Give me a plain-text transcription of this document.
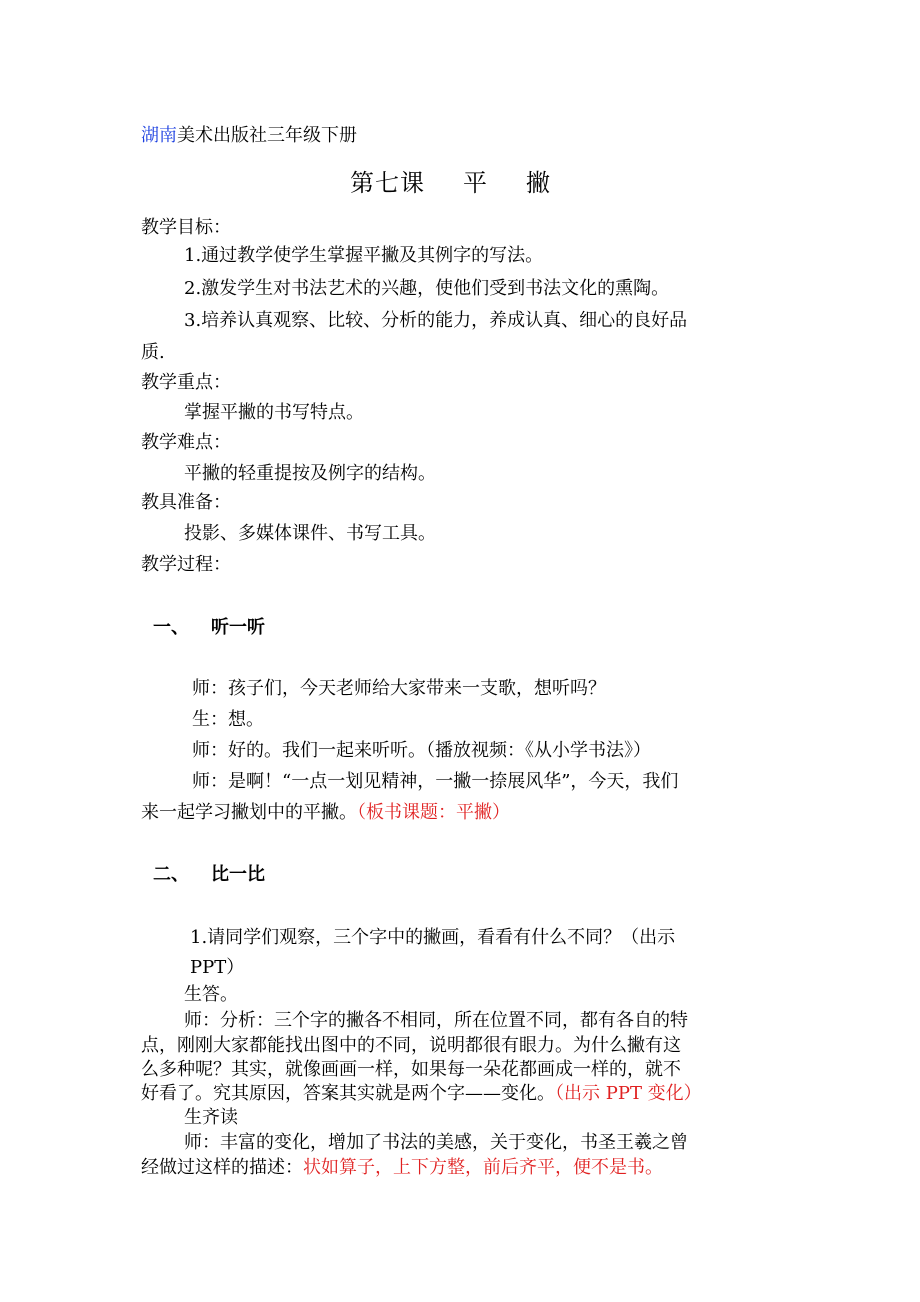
湖南美术出版社三年级下册
第七课 平 撇
教学目标：
1.通过教学使学生掌握平撇及其例字的写法。
2.激发学生对书法艺术的兴趣，使他们受到书法文化的熏陶。
3.培养认真观察、比较、分析的能力，养成认真、细心的良好品
质.
教学重点：
掌握平撇的书写特点。
教学难点：
平撇的轻重提按及例字的结构。
教具准备：
投影、多媒体课件、书写工具。
教学过程：
一、 听一听
师：孩子们，今天老师给大家带来一支歌，想听吗？
生：想。
师：好的。我们一起来听听。（播放视频：《从小学书法》）
师：是啊！“一点一划见精神，一撇一捺展风华”，今天，我们
来一起学习撇划中的平撇。（板书课题：平撇）
二、 比一比
1.请同学们观察，三个字中的撇画，看看有什么不同？（出示
PPT）
生答。
师：分析：三个字的撇各不相同，所在位置不同，都有各自的特
点，刚刚大家都能找出图中的不同，说明都很有眼力。为什么撇有这
么多种呢？其实，就像画画一样，如果每一朵花都画成一样的，就不
好看了。究其原因，答案其实就是两个字——变化。（出示 PPT 变化）
生齐读
师：丰富的变化，增加了书法的美感，关于变化，书圣王羲之曾
经做过这样的描述：状如算子，上下方整，前后齐平，便不是书。
